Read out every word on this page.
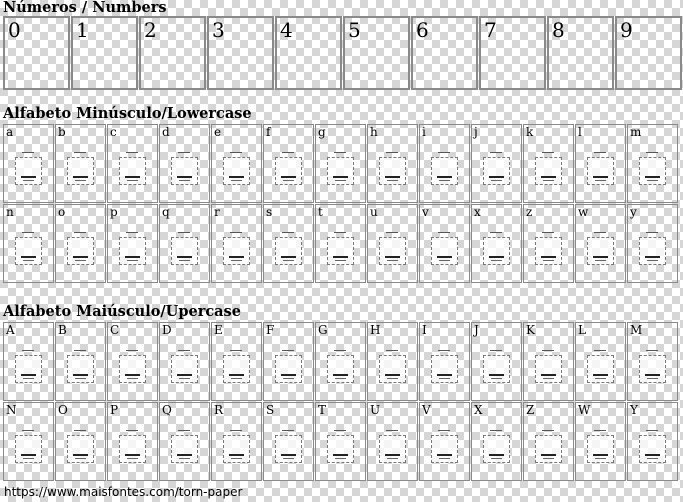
Números / Numbers
0	1	2	3	4	5	6	7	8	9
Alfabeto Minúsculo/Lowercase
a	b	c	d	e	f	g	h	i	j	k	l	m
n	o	p	q	r	s	t	u	v	x	z	w	y
Alfabeto Maiúsculo/Upercase
A	B	C	D	E	F	G	H	I	J	K	L	M
N	O	P	Q	R	S	T	U	V	X	Z	W	Y

https://www.maisfontes.com/torn-paper
